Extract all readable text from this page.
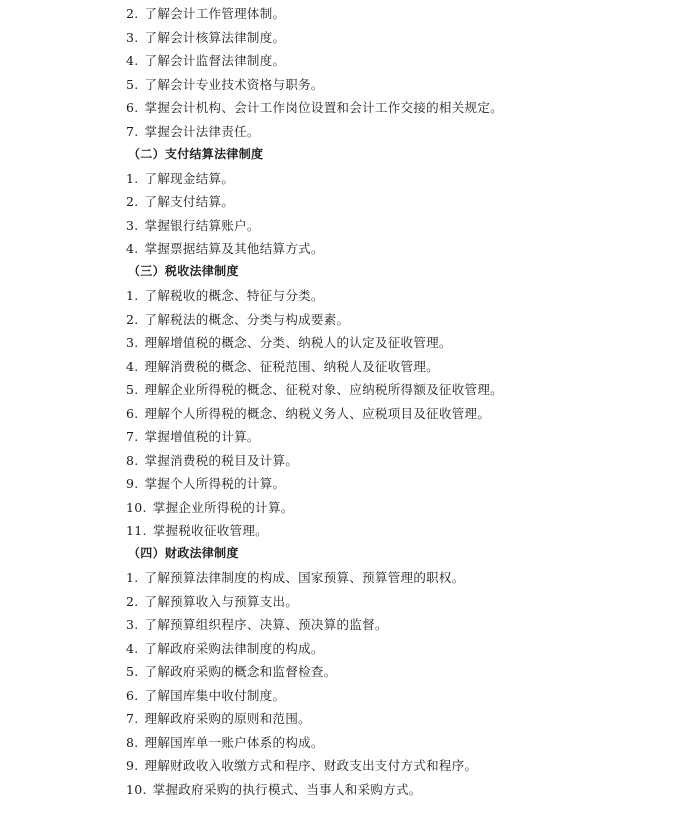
2. 了解会计工作管理体制。
3. 了解会计核算法律制度。
4. 了解会计监督法律制度。
5. 了解会计专业技术资格与职务。
6. 掌握会计机构、会计工作岗位设置和会计工作交接的相关规定。
7. 掌握会计法律责任。
（二）支付结算法律制度
1. 了解现金结算。
2. 了解支付结算。
3. 掌握银行结算账户。
4. 掌握票据结算及其他结算方式。
（三）税收法律制度
1. 了解税收的概念、特征与分类。
2. 了解税法的概念、分类与构成要素。
3. 理解增值税的概念、分类、纳税人的认定及征收管理。
4. 理解消费税的概念、征税范围、纳税人及征收管理。
5. 理解企业所得税的概念、征税对象、应纳税所得额及征收管理。
6. 理解个人所得税的概念、纳税义务人、应税项目及征收管理。
7. 掌握增值税的计算。
8. 掌握消费税的税目及计算。
9. 掌握个人所得税的计算。
10. 掌握企业所得税的计算。
11. 掌握税收征收管理。
（四）财政法律制度
1. 了解预算法律制度的构成、国家预算、预算管理的职权。
2. 了解预算收入与预算支出。
3. 了解预算组织程序、决算、预决算的监督。
4. 了解政府采购法律制度的构成。
5. 了解政府采购的概念和监督检查。
6. 了解国库集中收付制度。
7. 理解政府采购的原则和范围。
8. 理解国库单一账户体系的构成。
9. 理解财政收入收缴方式和程序、财政支出支付方式和程序。
10. 掌握政府采购的执行模式、当事人和采购方式。
